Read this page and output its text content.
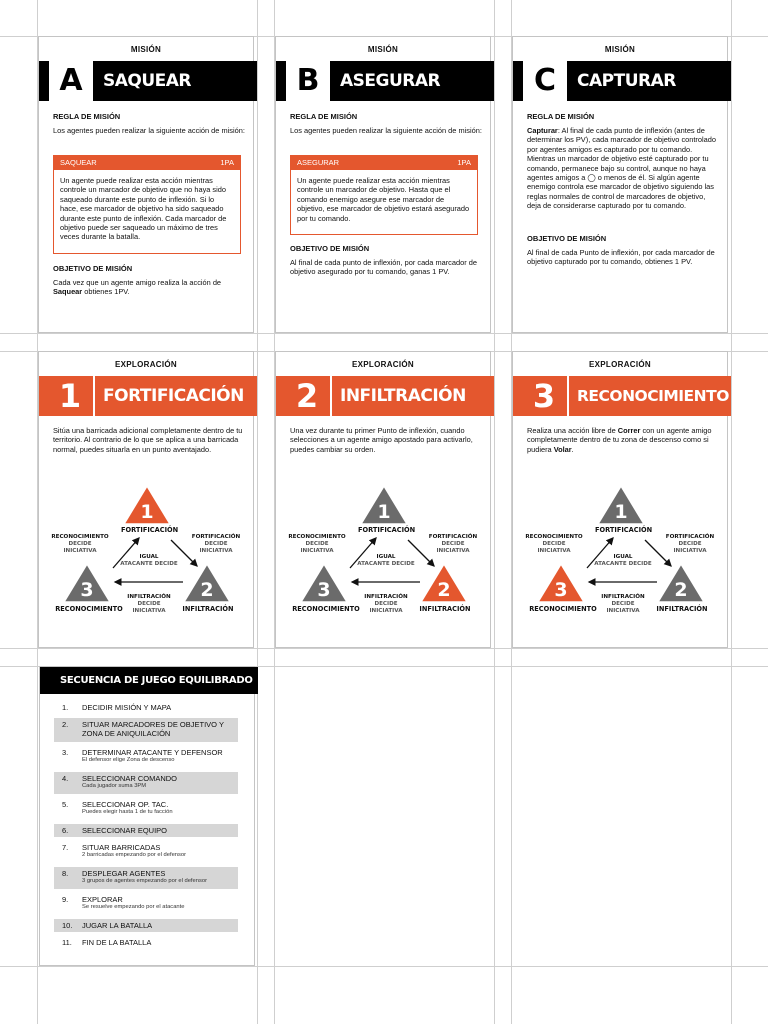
MISIÓN
A	SAQUEAR
REGLA DE MISIÓN
Los agentes pueden realizar la siguiente acción de misión:
SAQUEAR	1PA
Un agente puede realizar esta acción mientras controle un marcador de objetivo que no haya sido saqueado durante este punto de inflexión. Si lo hace, ese marcador de objetivo ha sido saqueado durante este punto de inflexión. Cada marcador de objetivo puede ser saqueado un máximo de tres veces durante la batalla.
OBJETIVO DE MISIÓN
Cada vez que un agente amigo realiza la acción de Saquear obtienes 1PV.
MISIÓN
B	ASEGURAR
REGLA DE MISIÓN
Los agentes pueden realizar la siguiente acción de misión:
ASEGURAR	1PA
Un agente puede realizar esta acción mientras controle un marcador de objetivo. Hasta que el comando enemigo asegure ese marcador de objetivo, ese marcador de objetivo estará asegurado por tu comando.
OBJETIVO DE MISIÓN
Al final de cada punto de inflexión, por cada marcador de objetivo asegurado por tu comando, ganas 1 PV.
MISIÓN
C	CAPTURAR
REGLA DE MISIÓN
Capturar: Al final de cada punto de inflexión (antes de determinar los PV), cada marcador de objetivo controlado por agentes amigos es capturado por tu comando. Mientras un marcador de objetivo esté capturado por tu comando, permanece bajo su control, aunque no haya agentes amigos a ◯ o menos de él. Si algún agente enemigo controla ese marcador de objetivo siguiendo las reglas normales de control de marcadores de objetivo, deja de considerarse capturado por tu comando.
OBJETIVO DE MISIÓN
Al final de cada Punto de inflexión, por cada marcador de objetivo capturado por tu comando, obtienes 1 PV.
EXPLORACIÓN
1	FORTIFICACIÓN
Sitúa una barricada adicional completamente dentro de tu territorio. Al contrario de lo que se aplica a una barricada normal, puedes situarla en un punto aventajado.
1
3	2
FORTIFICACIÓN
RECONOCIMIENTO	INFILTRACIÓN
RECONOCIMIENTO
DECIDE
INICIATIVA
FORTIFICACIÓN
DECIDE
INICIATIVA
INFILTRACIÓN
DECIDE
INICIATIVA
IGUAL
ATACANTE DECIDE
EXPLORACIÓN
2	INFILTRACIÓN
Una vez durante tu primer Punto de inflexión, cuando selecciones a un agente amigo apostado para activarlo, puedes cambiar su orden.
1
3	2
FORTIFICACIÓN
RECONOCIMIENTO	INFILTRACIÓN
RECONOCIMIENTO
DECIDE
INICIATIVA
FORTIFICACIÓN
DECIDE
INICIATIVA
INFILTRACIÓN
DECIDE
INICIATIVA
IGUAL
ATACANTE DECIDE
EXPLORACIÓN
3	RECONOCIMIENTO
Realiza una acción libre de Correr con un agente amigo completamente dentro de tu zona de descenso como si pudiera Volar.
1
3	2
FORTIFICACIÓN
RECONOCIMIENTO	INFILTRACIÓN
RECONOCIMIENTO
DECIDE
INICIATIVA
FORTIFICACIÓN
DECIDE
INICIATIVA
INFILTRACIÓN
DECIDE
INICIATIVA
IGUAL
ATACANTE DECIDE
SECUENCIA DE JUEGO EQUILIBRADO
1.	DECIDIR MISIÓN Y MAPA
2.	SITUAR MARCADORES DE OBJETIVO Y
ZONA DE ANIQUILACIÓN
3.	DETERMINAR ATACANTE Y DEFENSOR
El defensor elige Zona de descenso
4.	SELECCIONAR COMANDO
Cada jugador suma 3PM
5.	SELECCIONAR OP. TAC.
Puedes elegir hasta 1 de tu facción
6.	SELECCIONAR EQUIPO
7.	SITUAR BARRICADAS
2 barricadas empezando por el defensor
8.	DESPLEGAR AGENTES
3 grupos de agentes empezando por el defensor
9.	EXPLORAR
Se resuelve empezando por el atacante
10.	JUGAR LA BATALLA
11.	FIN DE LA BATALLA
